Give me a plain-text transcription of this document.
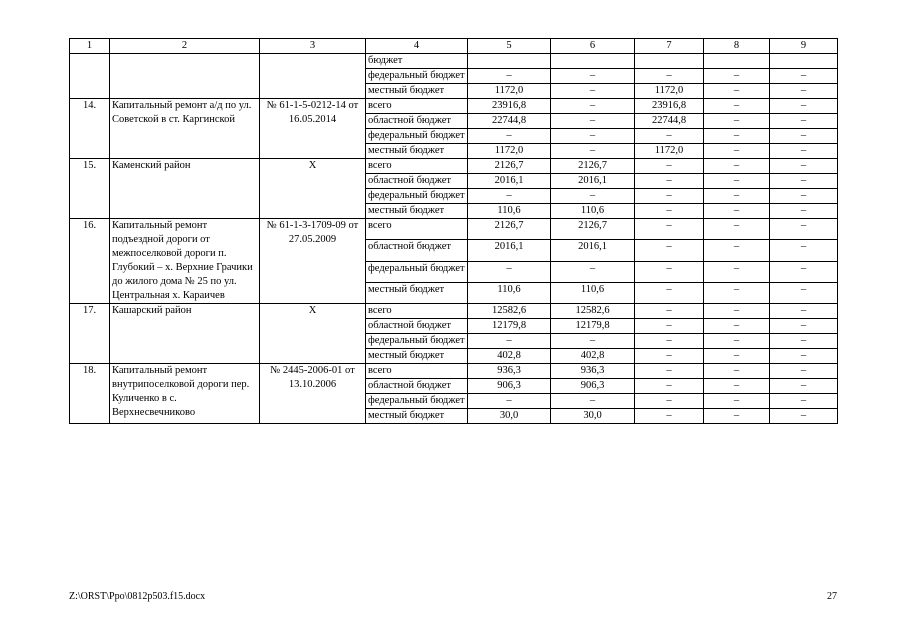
1	2	3	4	5	6	7	8	9
			бюджет					
			федеральный бюджет	–	–	–	–	–
			местный бюджет	1172,0	–	1172,0	–	–
14.	Капитальный ремонт а/д по ул. Советской в ст. Каргинской	№ 61-1-5-0212-14 от 16.05.2014	всего	23916,8	–	23916,8	–	–
			областной бюджет	22744,8	–	22744,8	–	–
			федеральный бюджет	–	–	–	–	–
			местный бюджет	1172,0	–	1172,0	–	–
15.	Каменский район	Х	всего	2126,7	2126,7	–	–	–
			областной бюджет	2016,1	2016,1	–	–	–
			федеральный бюджет	–	–	–	–	–
			местный бюджет	110,6	110,6	–	–	–
16.	Капитальный ремонт подъездной дороги от межпоселковой дороги п. Глубокий – х. Верхние Грачики до жилого дома № 25 по ул. Центральная х. Караичев	№ 61-1-3-1709-09 от 27.05.2009	всего	2126,7	2126,7	–	–	–
			областной бюджет	2016,1	2016,1	–	–	–
			федеральный бюджет	–	–	–	–	–
			местный бюджет	110,6	110,6	–	–	–
17.	Кашарский район	Х	всего	12582,6	12582,6	–	–	–
			областной бюджет	12179,8	12179,8	–	–	–
			федеральный бюджет	–	–	–	–	–
			местный бюджет	402,8	402,8	–	–	–
18.	Капитальный ремонт внутрипоселковой дороги пер. Куличенко в с. Верхнесвечниково	№ 2445-2006-01 от 13.10.2006	всего	936,3	936,3	–	–	–
			областной бюджет	906,3	906,3	–	–	–
			федеральный бюджет	–	–	–	–	–
			местный бюджет	30,0	30,0	–	–	–
Z:\ORST\Ppo\0812p503.f15.docx	27
